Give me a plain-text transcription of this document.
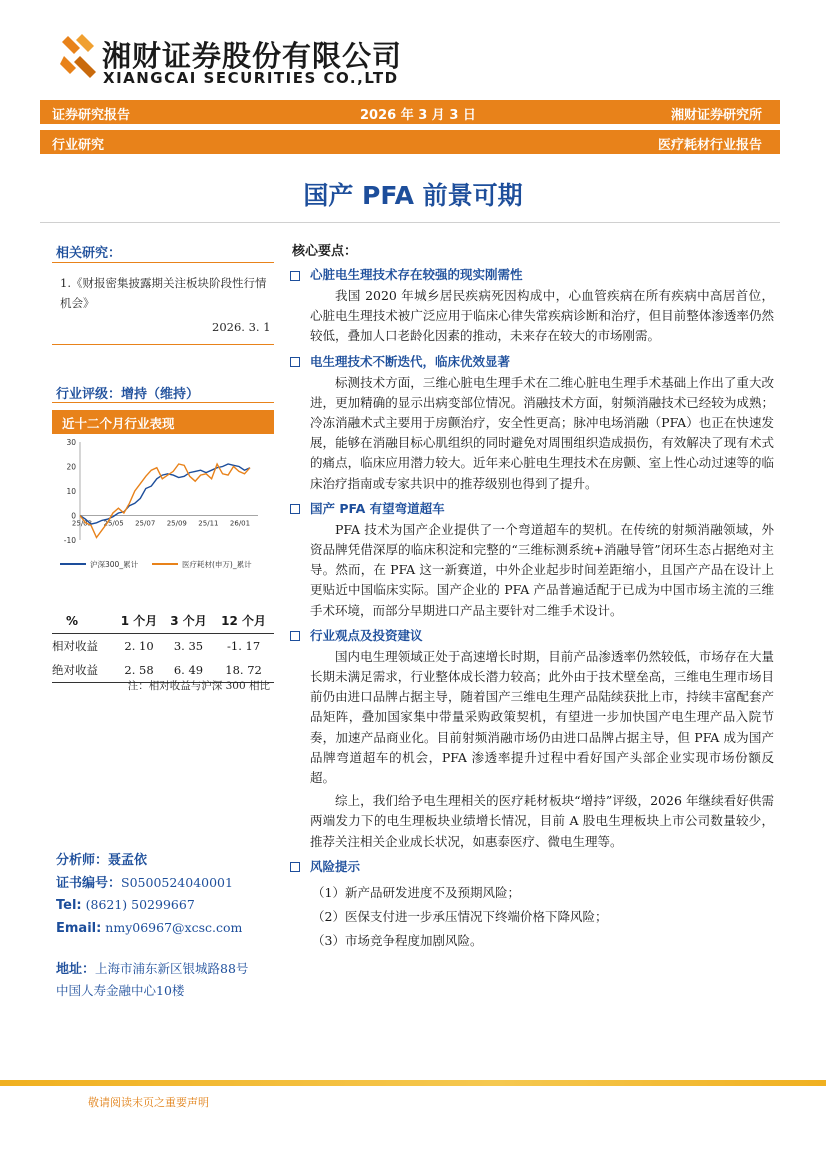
湘财证券股份有限公司
XIANGCAI SECURITIES CO.,LTD
证券研究报告	2026 年 3 月 3 日	湘财证券研究所
行业研究	医疗耗材行业报告
国产 PFA 前景可期
相关研究：
1.《财报密集披露期关注板块阶段性行情机会》
2026. 3. 1
行业评级：增持（维持）
近十二个月行业表现
30
20
10
0
-10
25/03 25/05 25/07 25/09 25/11 26/01
沪深300_累计	医疗耗材(申万)_累计
%	1 个月	3 个月	12 个月
相对收益	2. 10	3. 35	-1. 17
绝对收益	2. 58	6. 49	18. 72
注：相对收益与沪深 300 相比
分析师：聂孟依
证书编号：S0500524040001
Tel: (8621) 50299667
Email: nmy06967@xcsc.com
地址：上海市浦东新区银城路88号
中国人寿金融中心10楼
核心要点：
心脏电生理技术存在较强的现实刚需性
我国 2020 年城乡居民疾病死因构成中，心血管疾病在所有疾病中高居首位，心脏电生理技术被广泛应用于临床心律失常疾病诊断和治疗，但目前整体渗透率仍然较低，叠加人口老龄化因素的推动，未来存在较大的市场刚需。
电生理技术不断迭代，临床优效显著
标测技术方面，三维心脏电生理手术在二维心脏电生理手术基础上作出了重大改进，更加精确的显示出病变部位情况。消融技术方面，射频消融技术已经较为成熟；冷冻消融术式主要用于房颤治疗，安全性更高；脉冲电场消融（PFA）也正在快速发展，能够在消融目标心肌组织的同时避免对周围组织造成损伤，有效解决了现有术式的痛点，临床应用潜力较大。近年来心脏电生理技术在房颤、室上性心动过速等的临床治疗指南或专家共识中的推荐级别也得到了提升。
国产 PFA 有望弯道超车
PFA 技术为国产企业提供了一个弯道超车的契机。在传统的射频消融领域，外资品牌凭借深厚的临床积淀和完整的“三维标测系统+消融导管”闭环生态占据绝对主导。然而，在 PFA 这一新赛道，中外企业起步时间差距缩小，且国产产品在设计上更贴近中国临床实际。国产企业的 PFA 产品普遍适配于已成为中国市场主流的三维手术环境，而部分早期进口产品主要针对二维手术设计。
行业观点及投资建议
国内电生理领域正处于高速增长时期，目前产品渗透率仍然较低，市场存在大量长期未满足需求，行业整体成长潜力较高；此外由于技术壁垒高，三维电生理市场目前仍由进口品牌占据主导，随着国产三维电生理产品陆续获批上市，持续丰富配套产品矩阵，叠加国家集中带量采购政策契机，有望进一步加快国产电生理产品入院节奏，加速产品商业化。目前射频消融市场仍由进口品牌占据主导，但 PFA 成为国产品牌弯道超车的机会，PFA 渗透率提升过程中看好国产头部企业实现市场份额反超。
综上，我们给予电生理相关的医疗耗材板块“增持”评级，2026 年继续看好供需两端发力下的电生理板块业绩增长情况，目前 A 股电生理板块上市公司数量较少，推荐关注相关企业成长状况，如惠泰医疗、微电生理等。
风险提示
（1）新产品研发进度不及预期风险；
（2）医保支付进一步承压情况下终端价格下降风险；
（3）市场竞争程度加剧风险。
敬请阅读末页之重要声明
